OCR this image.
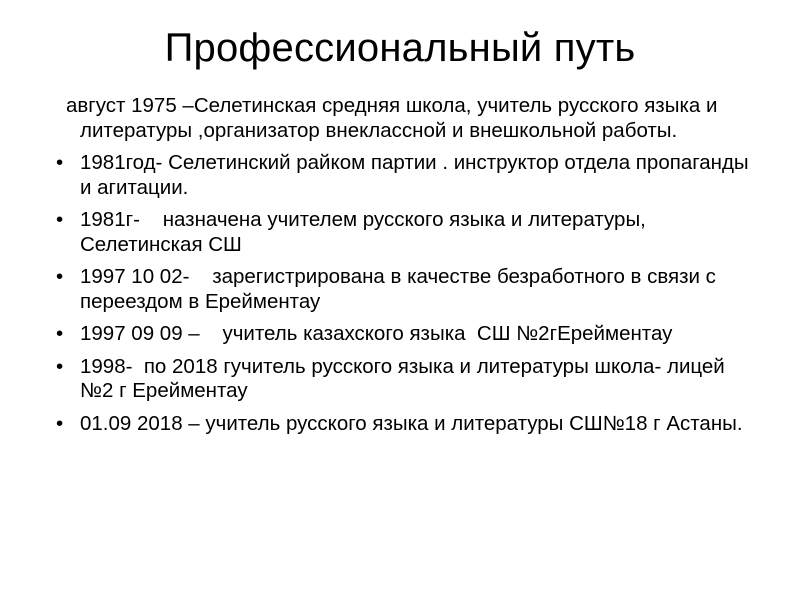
Профессиональный путь
август 1975 –Селетинская средняя школа, учитель русского языка и литературы ,организатор внеклассной и внешкольной работы.
• 1981год- Селетинский райком партии . инструктор отдела пропаганды и агитации.
• 1981г-    назначена учителем русского языка и литературы, Селетинская СШ
• 1997 10 02-    зарегистрирована в качестве безработного в связи с переездом в Ерейментау
• 1997 09 09 –    учитель казахского языка  СШ №2гЕрейментау
• 1998-  по 2018 гучитель русского языка и литературы школа- лицей №2 г Ерейментау
• 01.09 2018 – учитель русского языка и литературы СШ№18 г Астаны.
